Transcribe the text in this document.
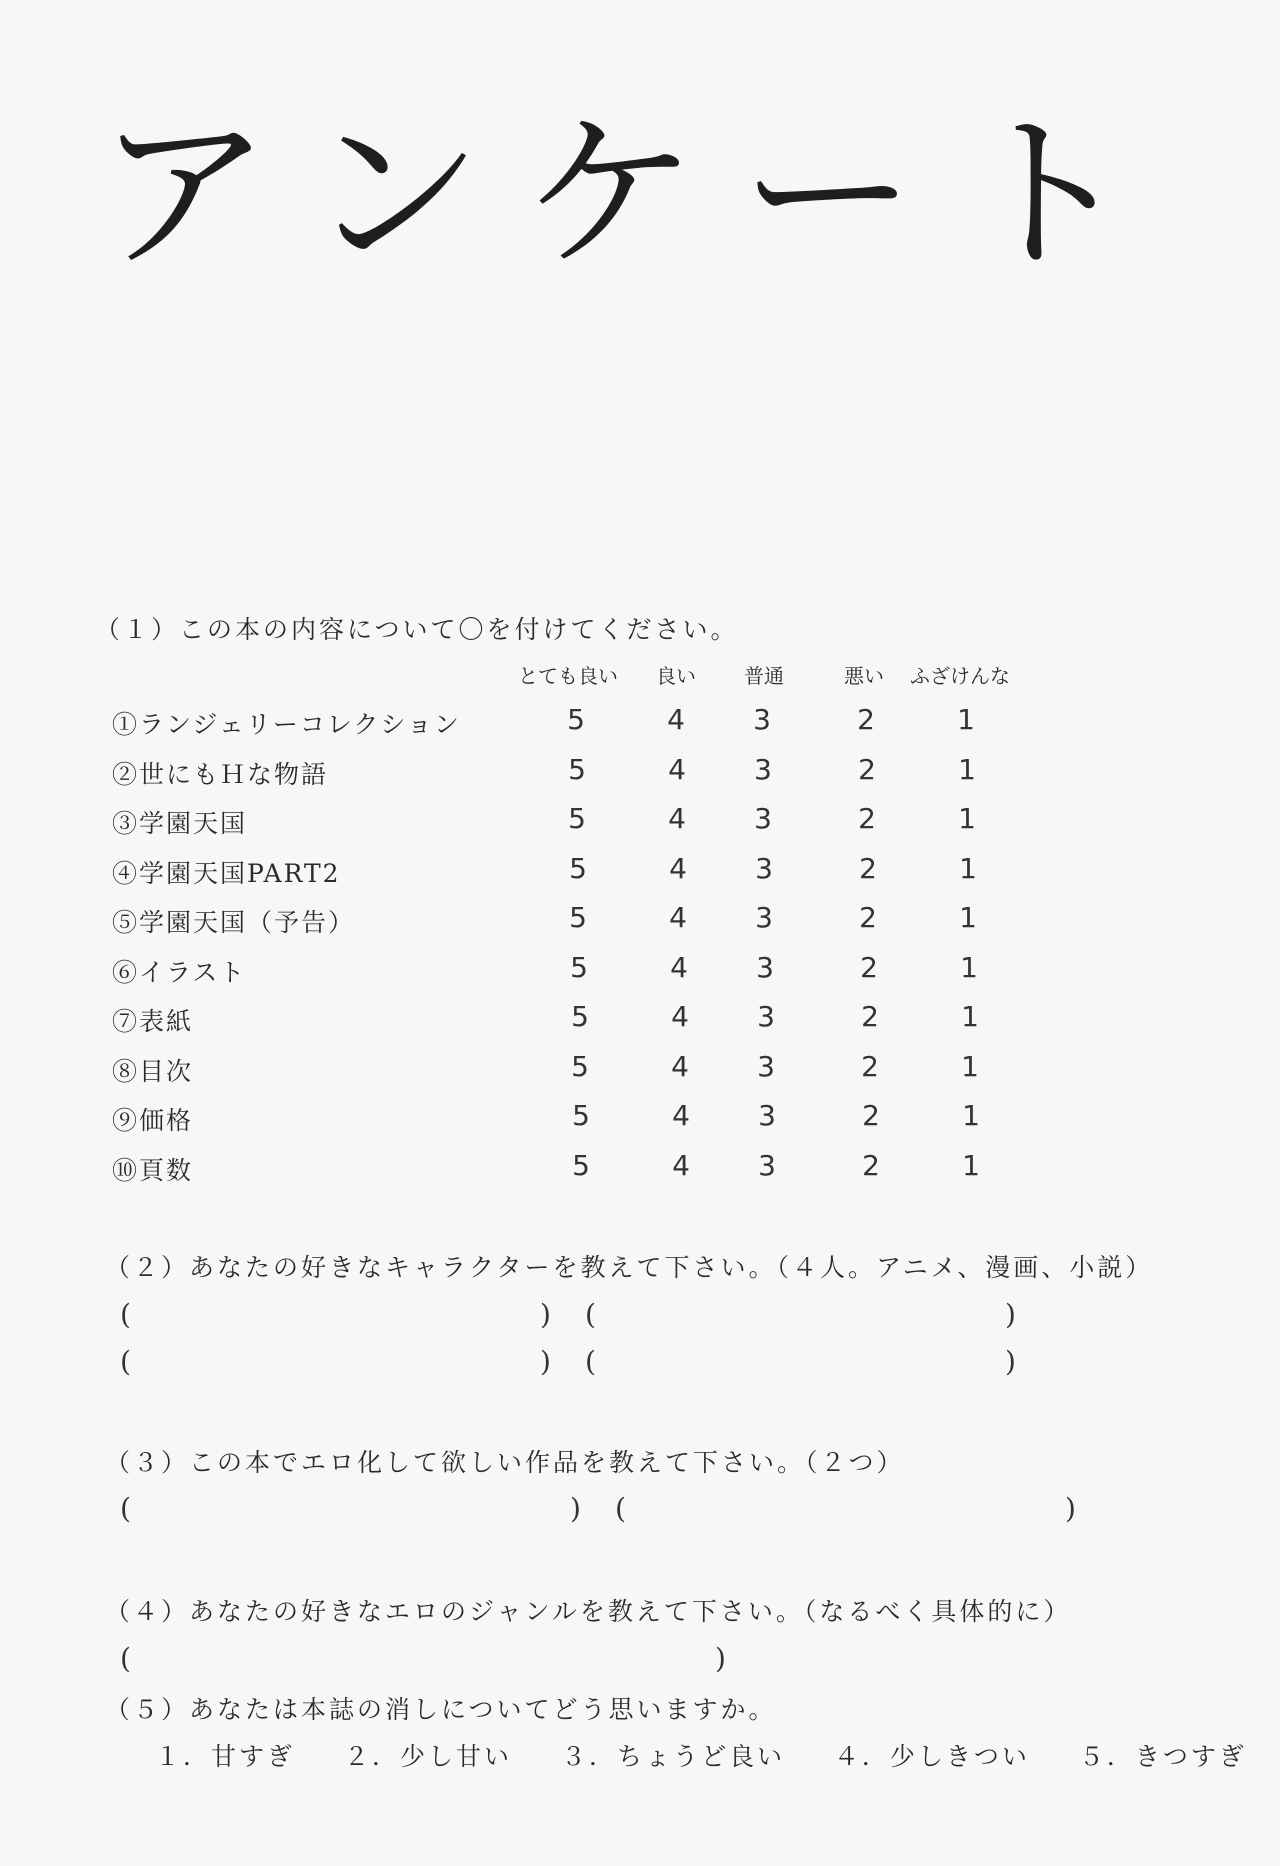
アンケート
（１）この本の内容について〇を付けてください。
とても良い	良い	普通	悪い	ふざけんな
①ランジェリーコレクション	5	4	3	2	1
②世にもＨな物語	5	4	3	2	1
③学園天国	5	4	3	2	1
④学園天国PART2	5	4	3	2	1
⑤学園天国（予告）	5	4	3	2	1
⑥イラスト	5	4	3	2	1
⑦表紙	5	4	3	2	1
⑧目次	5	4	3	2	1
⑨価格	5	4	3	2	1
⑩頁数	5	4	3	2	1
（２）あなたの好きなキャラクターを教えて下さい。（４人。アニメ、漫画、小説）
(	) (	)
(	) (	)
（３）この本でエロ化して欲しい作品を教えて下さい。（２つ）
(	) (	)
（４）あなたの好きなエロのジャンルを教えて下さい。（なるべく具体的に）
(	)
（５）あなたは本誌の消しについてどう思いますか。
１．甘すぎ ２．少し甘い ３．ちょうど良い ４．少しきつい ５．きつすぎ
